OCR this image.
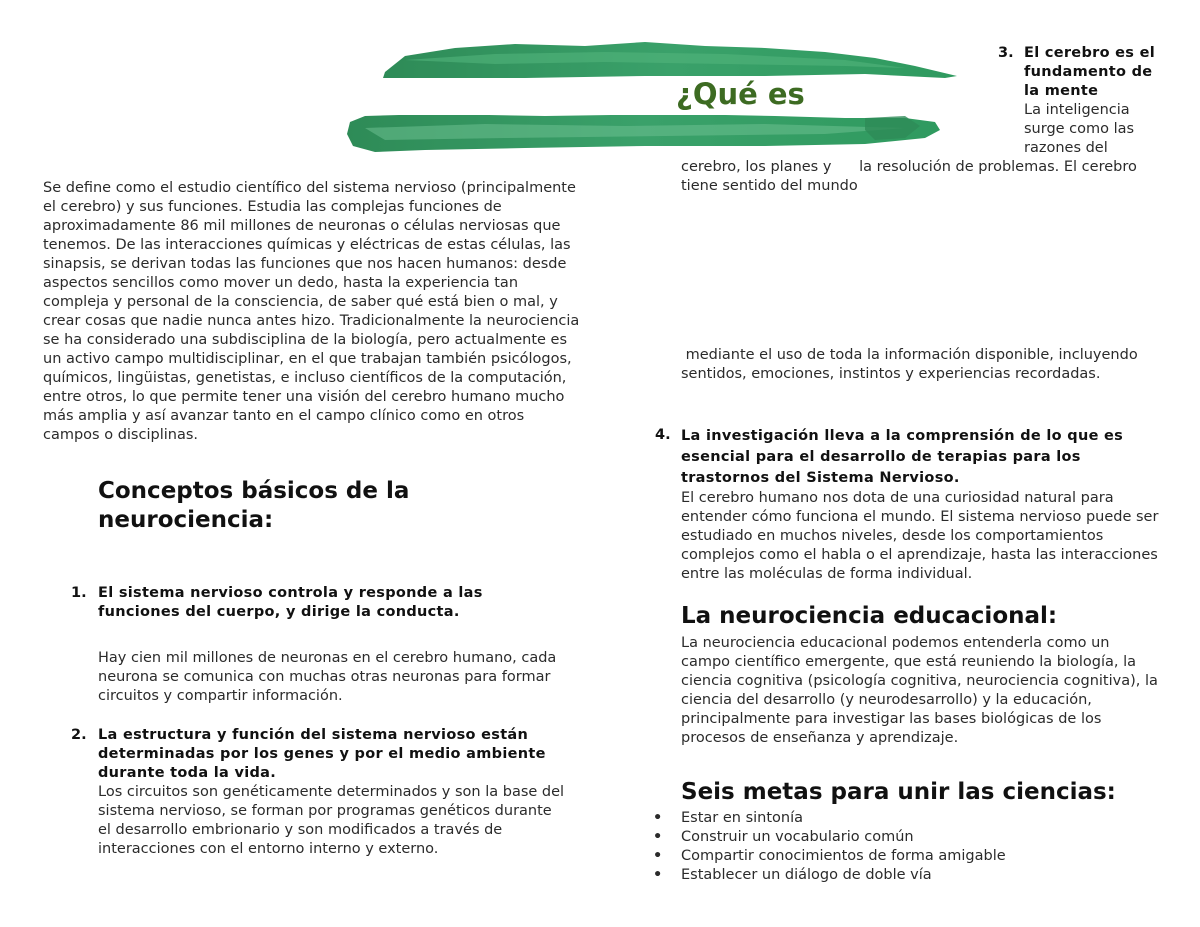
¿Qué es

Se define como el estudio científico del sistema nervioso (principalmente el cerebro) y sus funciones. Estudia las complejas funciones de aproximadamente 86 mil millones de neuronas o células nerviosas que tenemos. De las interacciones químicas y eléctricas de estas células, las sinapsis, se derivan todas las funciones que nos hacen humanos: desde aspectos sencillos como mover un dedo, hasta la experiencia tan compleja y personal de la consciencia, de saber qué está bien o mal, y crear cosas que nadie nunca antes hizo. Tradicionalmente la neurociencia se ha considerado una subdisciplina de la biología, pero actualmente es un activo campo multidisciplinar, en el que trabajan también psicólogos, químicos, lingüistas, genetistas, e incluso científicos de la computación, entre otros, lo que permite tener una visión del cerebro humano mucho más amplia y así avanzar tanto en el campo clínico como en otros campos o disciplinas.

Conceptos básicos de la neurociencia:
1. El sistema nervioso controla y responde a las funciones del cuerpo, y dirige la conducta.

Hay cien mil millones de neuronas en el cerebro humano, cada neurona se comunica con muchas otras neuronas para formar circuitos y compartir información.

2. La estructura y función del sistema nervioso están determinadas por los genes y por el medio ambiente durante toda la vida.

Los circuitos son genéticamente determinados y son la base del sistema nervioso, se forman por programas genéticos durante el desarrollo embrionario y son modificados a través de interacciones con el entorno interno y externo.

3. El cerebro es el fundamento de la mente

La inteligencia surge como las razones del

cerebro, los planes y      la resolución de problemas. El cerebro tiene sentido del mundo

mediante el uso de toda la información disponible, incluyendo sentidos, emociones, instintos y experiencias recordadas.

4. La investigación lleva a la comprensión de lo que es esencial para el desarrollo de terapias para los trastornos del Sistema Nervioso.

El cerebro humano nos dota de una curiosidad natural para entender cómo funciona el mundo. El sistema nervioso puede ser estudiado en muchos niveles, desde los comportamientos complejos como el habla o el aprendizaje, hasta las interacciones entre las moléculas de forma individual.

La neurociencia educacional:

La neurociencia educacional podemos entenderla como un campo científico emergente, que está reuniendo la biología, la ciencia cognitiva (psicología cognitiva, neurociencia cognitiva), la ciencia del desarrollo (y neurodesarrollo) y la educación, principalmente para investigar las bases biológicas de los procesos de enseñanza y aprendizaje.

Seis metas para unir las ciencias:
• Estar en sintonía
• Construir un vocabulario común
• Compartir conocimientos de forma amigable
• Establecer un diálogo de doble vía
